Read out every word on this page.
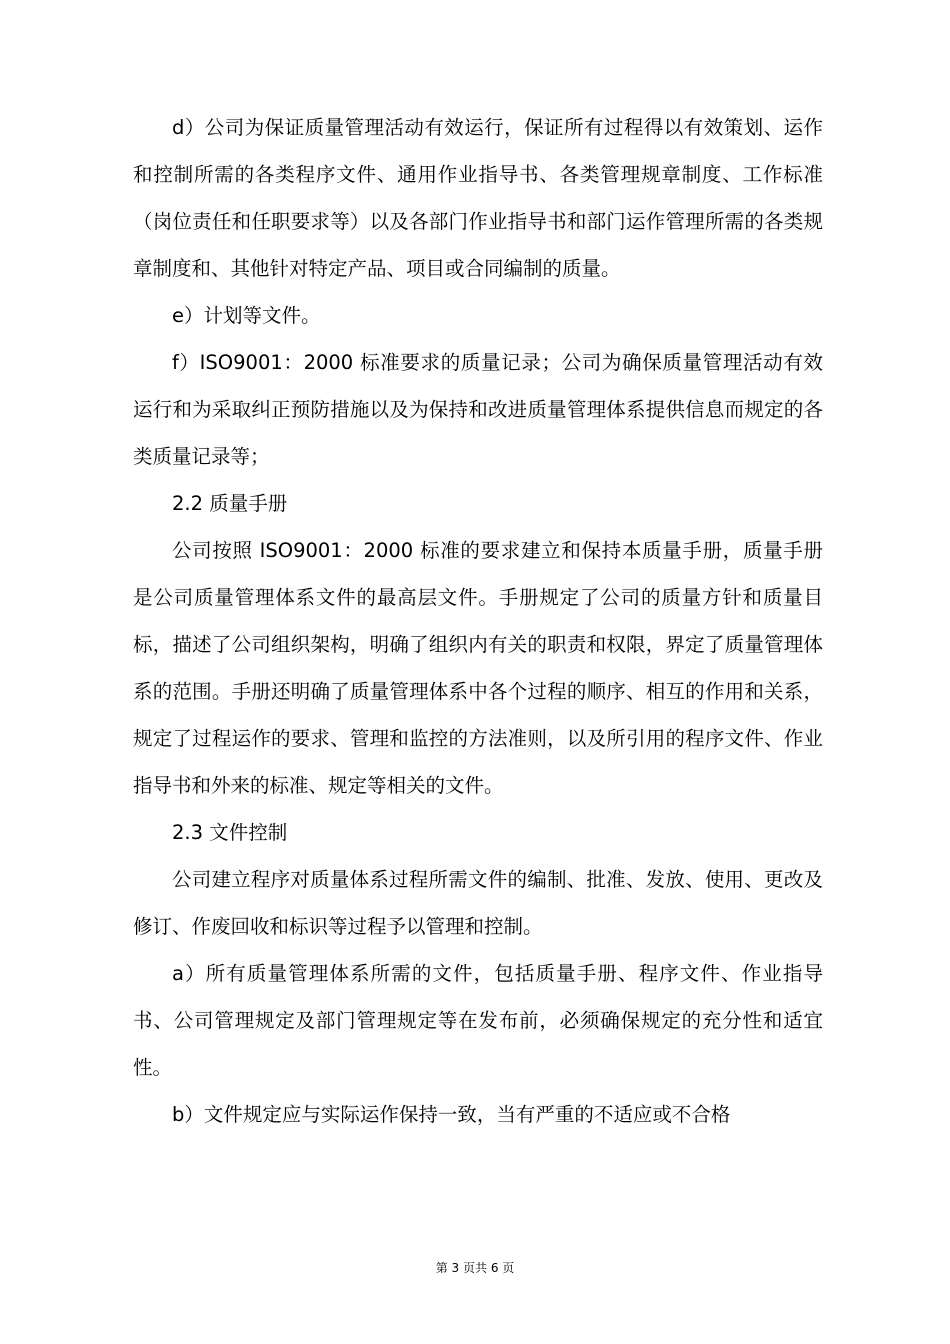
d）公司为保证质量管理活动有效运行，保证所有过程得以有效策划、运作和控制所需的各类程序文件、通用作业指导书、各类管理规章制度、工作标准（岗位责任和任职要求等）以及各部门作业指导书和部门运作管理所需的各类规章制度和、其他针对特定产品、项目或合同编制的质量。

e）计划等文件。

f）ISO9001：2000 标准要求的质量记录；公司为确保质量管理活动有效运行和为采取纠正预防措施以及为保持和改进质量管理体系提供信息而规定的各类质量记录等；

2.2 质量手册

公司按照 ISO9001：2000 标准的要求建立和保持本质量手册，质量手册是公司质量管理体系文件的最高层文件。手册规定了公司的质量方针和质量目标，描述了公司组织架构，明确了组织内有关的职责和权限，界定了质量管理体系的范围。手册还明确了质量管理体系中各个过程的顺序、相互的作用和关系，规定了过程运作的要求、管理和监控的方法准则，以及所引用的程序文件、作业指导书和外来的标准、规定等相关的文件。

2.3 文件控制

公司建立程序对质量体系过程所需文件的编制、批准、发放、使用、更改及修订、作废回收和标识等过程予以管理和控制。

a）所有质量管理体系所需的文件，包括质量手册、程序文件、作业指导书、公司管理规定及部门管理规定等在发布前，必须确保规定的充分性和适宜性。

b）文件规定应与实际运作保持一致，当有严重的不适应或不合格

第 3 页共 6 页
